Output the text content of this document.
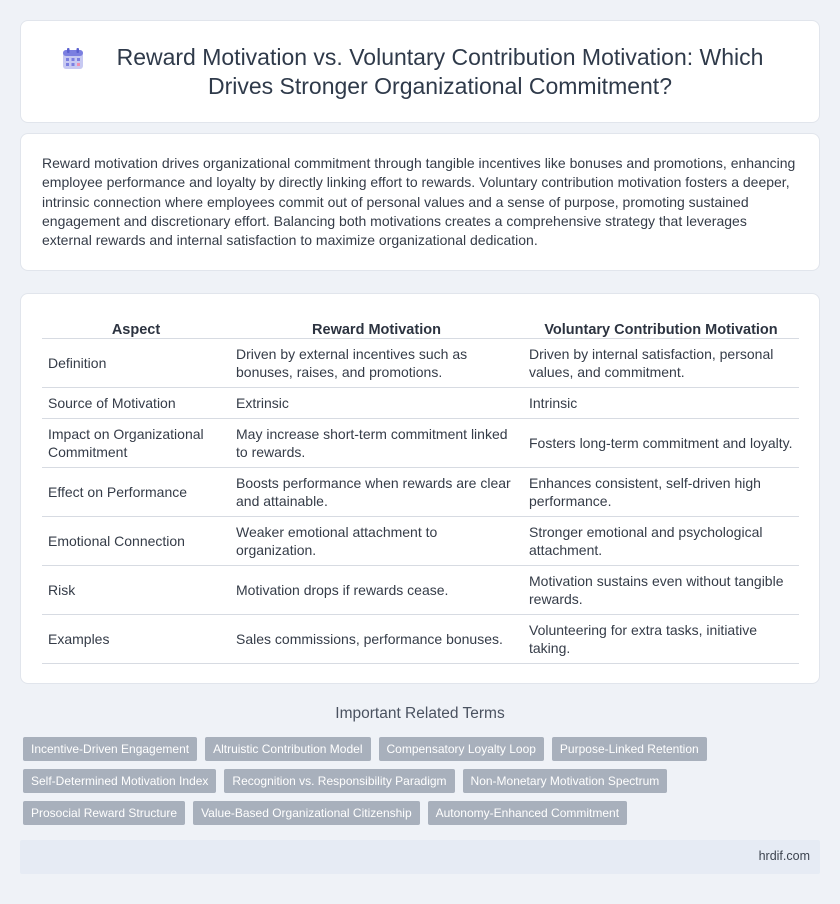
Reward Motivation vs. Voluntary Contribution Motivation: Which Drives Stronger Organizational Commitment?

Reward motivation drives organizational commitment through tangible incentives like bonuses and promotions, enhancing employee performance and loyalty by directly linking effort to rewards. Voluntary contribution motivation fosters a deeper, intrinsic connection where employees commit out of personal values and a sense of purpose, promoting sustained engagement and discretionary effort. Balancing both motivations creates a comprehensive strategy that leverages external rewards and internal satisfaction to maximize organizational dedication.

Aspect	Reward Motivation	Voluntary Contribution Motivation
Definition	Driven by external incentives such as bonuses, raises, and promotions.	Driven by internal satisfaction, personal values, and commitment.
Source of Motivation	Extrinsic	Intrinsic
Impact on Organizational Commitment	May increase short-term commitment linked to rewards.	Fosters long-term commitment and loyalty.
Effect on Performance	Boosts performance when rewards are clear and attainable.	Enhances consistent, self-driven high performance.
Emotional Connection	Weaker emotional attachment to organization.	Stronger emotional and psychological attachment.
Risk	Motivation drops if rewards cease.	Motivation sustains even without tangible rewards.
Examples	Sales commissions, performance bonuses.	Volunteering for extra tasks, initiative taking.
Important Related Terms
Incentive-Driven Engagement	Altruistic Contribution Model	Compensatory Loyalty Loop	Purpose-Linked Retention
Self-Determined Motivation Index	Recognition vs. Responsibility Paradigm	Non-Monetary Motivation Spectrum
Prosocial Reward Structure	Value-Based Organizational Citizenship	Autonomy-Enhanced Commitment
hrdif.com
